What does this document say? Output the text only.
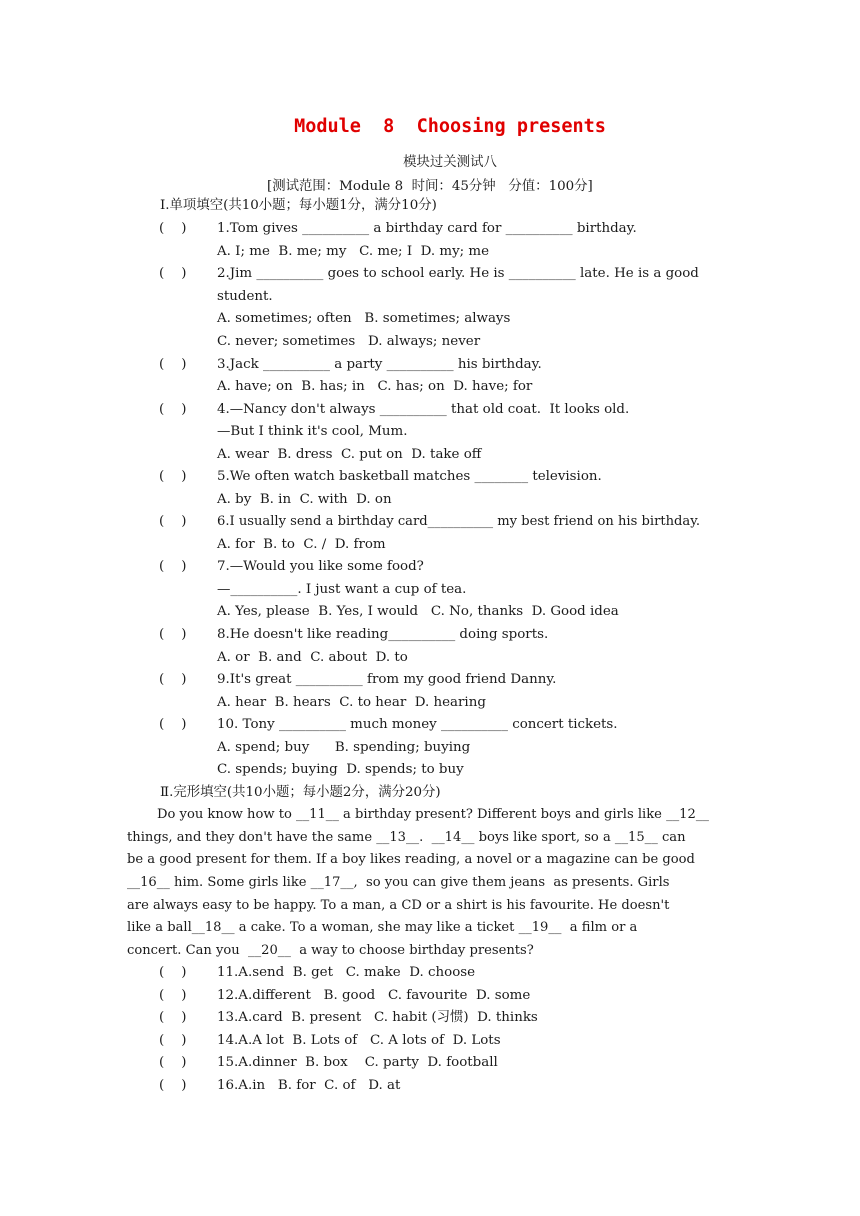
Module  8  Choosing presents
模块过关测试八
[测试范围：Module 8  时间：45分钟   分值：100分]
Ⅰ.单项填空(共10小题；每小题1分，满分10分)
(    ) 1.Tom gives __________ a birthday card for __________ birthday.
A. I; me  B. me; my   C. me; I  D. my; me
(    ) 2.Jim __________ goes to school early. He is __________ late. He is a good
student.
A. sometimes; often   B. sometimes; always
C. never; sometimes   D. always; never
(    ) 3.Jack __________ a party __________ his birthday.
A. have; on  B. has; in   C. has; on  D. have; for
(    ) 4.—Nancy don't always __________ that old coat.  It looks old.
—But I think it's cool, Mum.
A. wear  B. dress  C. put on  D. take off
(    ) 5.We often watch basketball matches ________ television.
A. by  B. in  C. with  D. on
(    ) 6.I usually send a birthday card__________ my best friend on his birthday.
A. for  B. to  C. /  D. from
(    ) 7.—Would you like some food?
—__________. I just want a cup of tea.
A. Yes, please  B. Yes, I would   C. No, thanks  D. Good idea
(    ) 8.He doesn't like reading__________ doing sports.
A. or  B. and  C. about  D. to
(    ) 9.It's great __________ from my good friend Danny.
A. hear  B. hears  C. to hear  D. hearing
(    ) 10. Tony __________ much money __________ concert tickets.
A. spend; buy      B. spending; buying
C. spends; buying  D. spends; to buy
Ⅱ.完形填空(共10小题；每小题2分，满分20分)
Do you know how to __11__ a birthday present? Different boys and girls like __12__
things, and they don't have the same __13__.  __14__ boys like sport, so a __15__ can
be a good present for them. If a boy likes reading, a novel or a magazine can be good
__16__ him. Some girls like __17__,  so you can give them jeans  as presents. Girls
are always easy to be happy. To a man, a CD or a shirt is his favourite. He doesn't
like a ball__18__ a cake. To a woman, she may like a ticket __19__  a film or a
concert. Can you  __20__  a way to choose birthday presents?
(    ) 11.A.send  B. get   C. make  D. choose
(    ) 12.A.different   B. good   C. favourite  D. some
(    ) 13.A.card  B. present   C. habit (习惯)  D. thinks
(    ) 14.A.A lot  B. Lots of   C. A lots of  D. Lots
(    ) 15.A.dinner  B. box    C. party  D. football
(    ) 16.A.in   B. for  C. of   D. at
